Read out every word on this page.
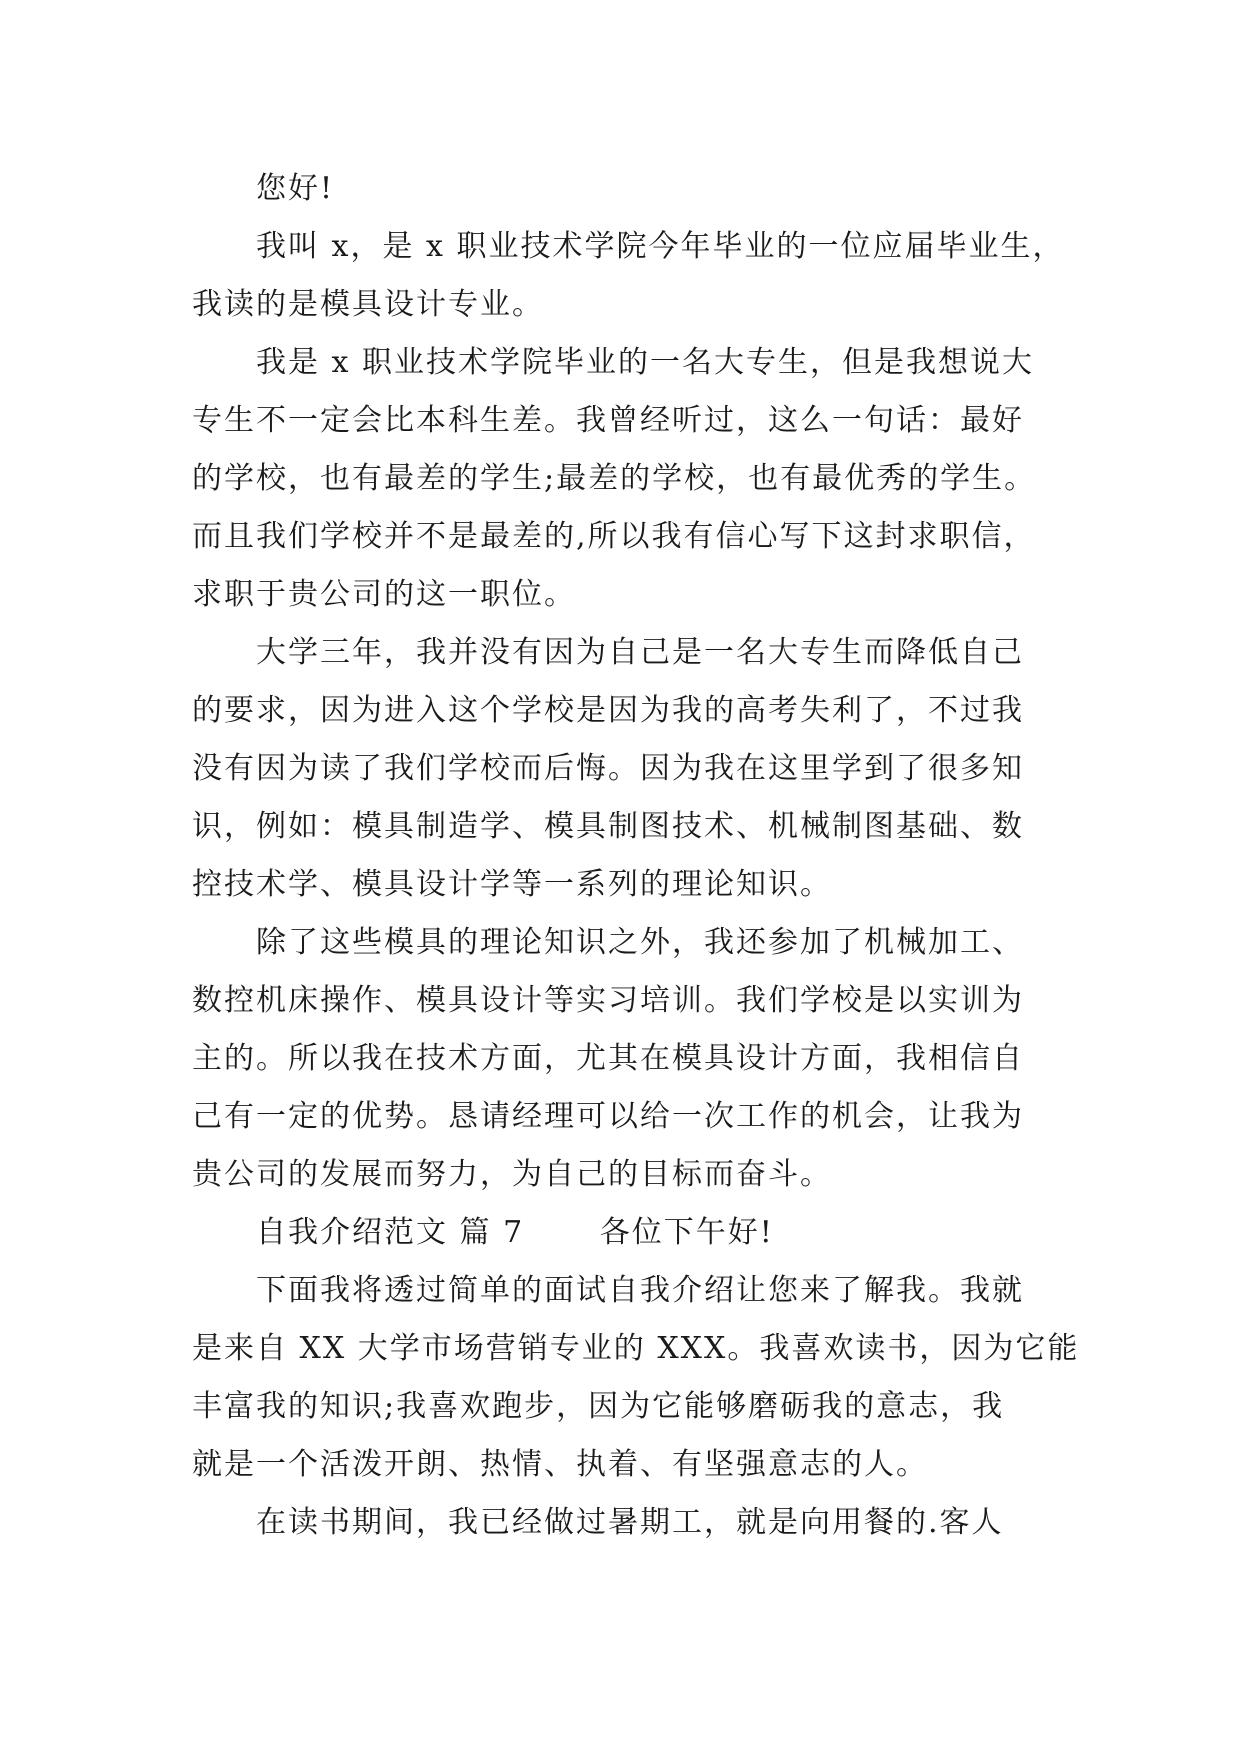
您好!
我叫 x，是 x 职业技术学院今年毕业的一位应届毕业生，
我读的是模具设计专业。
我是 x 职业技术学院毕业的一名大专生，但是我想说大
专生不一定会比本科生差。我曾经听过，这么一句话：最好
的学校，也有最差的学生;最差的学校，也有最优秀的学生。
而且我们学校并不是最差的,所以我有信心写下这封求职信，
求职于贵公司的这一职位。
大学三年，我并没有因为自己是一名大专生而降低自己
的要求，因为进入这个学校是因为我的高考失利了，不过我
没有因为读了我们学校而后悔。因为我在这里学到了很多知
识，例如：模具制造学、模具制图技术、机械制图基础、数
控技术学、模具设计学等一系列的理论知识。
除了这些模具的理论知识之外，我还参加了机械加工、
数控机床操作、模具设计等实习培训。我们学校是以实训为
主的。所以我在技术方面，尤其在模具设计方面，我相信自
己有一定的优势。恳请经理可以给一次工作的机会，让我为
贵公司的发展而努力，为自己的目标而奋斗。
自我介绍范文 篇 7　　 各位下午好!
下面我将透过简单的面试自我介绍让您来了解我。我就
是来自 XX 大学市场营销专业的 XXX。我喜欢读书，因为它能
丰富我的知识;我喜欢跑步，因为它能够磨砺我的意志，我
就是一个活泼开朗、热情、执着、有坚强意志的人。
在读书期间，我已经做过暑期工，就是向用餐的.客人
